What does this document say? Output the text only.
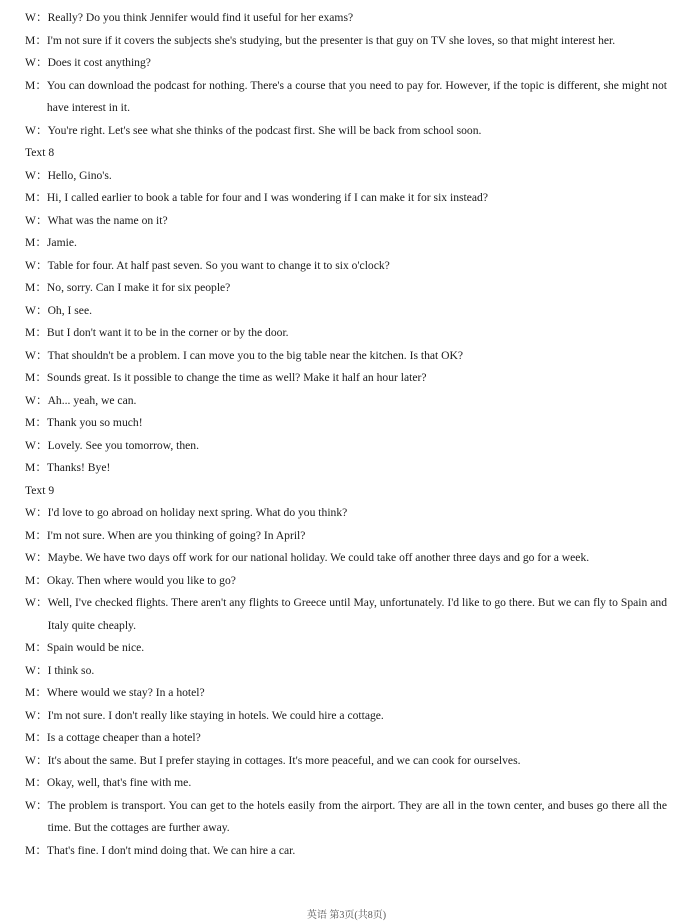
W ： Really? Do you think Jennifer would find it useful for her exams?
M ： I'm not sure if it covers the subjects she's studying, but the presenter is that guy on TV she loves, so that might interest her.
W ： Does it cost anything?
M ： You can download the podcast for nothing. There's a course that you need to pay for. However, if the topic is different, she might not have interest in it.
W ： You're right. Let's see what she thinks of the podcast first. She will be back from school soon.
Text 8
W ： Hello, Gino's.
M ： Hi, I called earlier to book a table for four and I was wondering if I can make it for six instead?
W ： What was the name on it?
M ： Jamie.
W ： Table for four. At half past seven. So you want to change it to six o'clock?
M ： No, sorry. Can I make it for six people?
W ： Oh, I see.
M ： But I don't want it to be in the corner or by the door.
W ： That shouldn't be a problem. I can move you to the big table near the kitchen. Is that OK?
M ： Sounds great. Is it possible to change the time as well? Make it half an hour later?
W ： Ah... yeah, we can.
M ： Thank you so much!
W ： Lovely. See you tomorrow, then.
M ： Thanks! Bye!
Text 9
W ： I'd love to go abroad on holiday next spring. What do you think?
M ： I'm not sure. When are you thinking of going? In April?
W ： Maybe. We have two days off work for our national holiday. We could take off another three days and go for a week.
M ： Okay. Then where would you like to go?
W ： Well, I've checked flights. There aren't any flights to Greece until May, unfortunately. I'd like to go there. But we can fly to Spain and Italy quite cheaply.
M ： Spain would be nice.
W ： I think so.
M ： Where would we stay? In a hotel?
W ： I'm not sure. I don't really like staying in hotels. We could hire a cottage.
M ： Is a cottage cheaper than a hotel?
W ： It's about the same. But I prefer staying in cottages. It's more peaceful, and we can cook for ourselves.
M ： Okay, well, that's fine with me.
W ： The problem is transport. You can get to the hotels easily from the airport. They are all in the town center, and buses go there all the time. But the cottages are further away.
M ： That's fine. I don't mind doing that. We can hire a car.
英语 第3页(共8页)
